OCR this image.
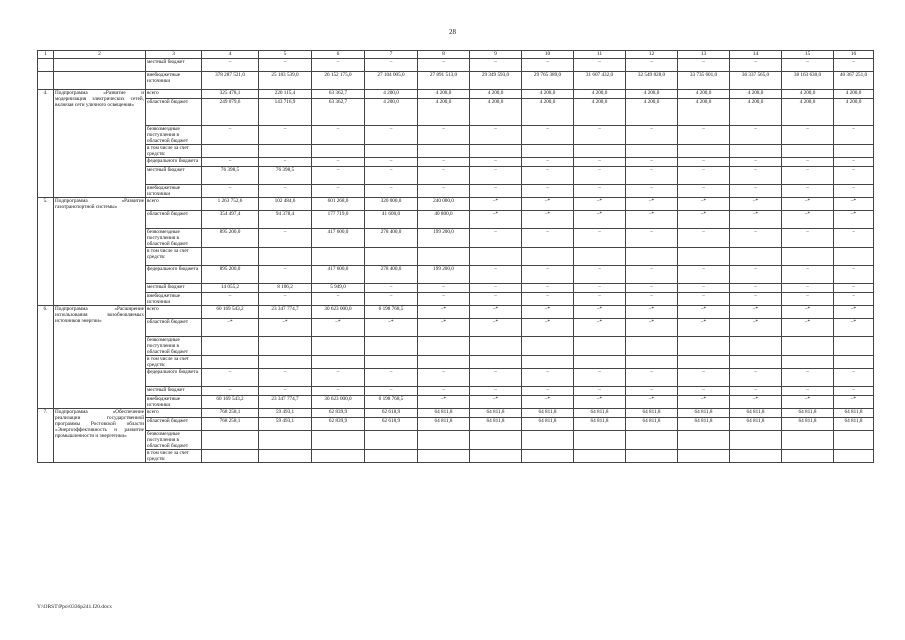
28
1	2	3	4	5	6	7	8	9	10	11	12	13	14	15	16
		местный бюджет	–	–	–	–	–	–	–	–	–	–	–	–	–
		внебюджетные источники	378 287 521,0	25 183 539,0	26 152 175,0	27 104 005,0	27 891 513,0	29 349 593,0	29 765 389,0	31 607 432,0	32 549 828,0	33 735 601,0	36 337 565,0	38 163 630,0	40 367 251,0
4.	Подпрограмма «Развитие и модернизация электрических сетей, включая сети уличного освещения»	всего	325 478,1	220 115,4	63 362,7	4 200,0	4 200,0	4 200,0	4 200,0	4 200,0	4 200,0	4 200,0	4 200,0	4 200,0	4 200,0
		областной бюджет	249 079,6	143 716,9	63 362,7	4 200,0	4 200,0	4 200,0	4 200,0	4 200,0	4 200,0	4 200,0	4 200,0	4 200,0	4 200,0
		безвозмездные поступления в областной бюджет	–	–	–	–	–	–	–	–	–	–	–	–	–
		в том числе за счет средств:													
		федерального бюджета	–	–	–	–	–	–	–	–	–	–	–	–	–
		местный бюджет	76 398,5	76 398,5	–	–	–	–	–	–	–	–	–	–	–
		внебюджетные источники	–	–	–	–	–	–	–	–	–	–	–	–	–
5.	Подпрограмма «Развитие газотранспортной системы»	всего	1 263 752,6	102 484,6	601 268,0	320 000,0	240 000,0	–*	–*	–*	–*	–*	–*	–*	–*
		областной бюджет	354 497,4	94 378,4	177 719,0	41 600,0	40 800,0	–*	–*	–*	–*	–*	–*	–*	–*
		безвозмездные поступления в областной бюджет	895 200,0	–	417 600,0	278 400,0	199 200,0	–	–	–	–	–	–	–	–
		в том числе за счет средств:													
		федерального бюджета	895 200,0	–	417 600,0	278 400,0	199 200,0	–	–	–	–	–	–	–	–
		местный бюджет	14 055,2	8 106,2	5 949,0	–	–	–	–	–	–	–	–	–	–
		внебюджетные источники	–	–	–	–	–	–	–	–	–	–	–	–	–
6.	Подпрограмма «Расширение использования возобновляемых источников энергии»	всего	60 169 543,2	23 347 774,7	30 623 000,0	6 198 768,5	–*	–*	–*	–*	–*	–*	–*	–*	–*
		областной бюджет	–*	–*	–*	–*	–*	–*	–*	–*	–*	–*	–*	–*	–*
		безвозмездные поступления в областной бюджет													
		в том числе за счет средств:													
		федерального бюджета	–	–	–	–	–	–	–	–	–	–	–	–	–
		местный бюджет	–	–	–	–	–	–	–	–	–	–	–	–	–
		внебюджетные источники	60 169 543,2	23 347 774,7	30 623 000,0	6 198 768,5	–*	–*	–*	–*	–*	–*	–*	–*	–*
7.	Подпрограмма «Обеспечение реализации государственной программы Ростовской области «Энергоэффективность и развитие промышленности и энергетики»	всего	768 258,1	59 493,1	62 839,9	62 618,9	64 811,8	64 811,8	64 811,8	64 811,8	64 811,8	64 811,8	64 811,8	64 811,8	64 811,8
		областной бюджет	768 258,1	59 493,1	62 839,9	62 618,9	64 811,8	64 811,8	64 811,8	64 811,8	64 811,8	64 811,8	64 811,8	64 811,8	64 811,8
		безвозмездные поступления в областной бюджет													
		в том числе за счет средств:													
Y:\ORST\Ppo\0336p241.f20.docx
